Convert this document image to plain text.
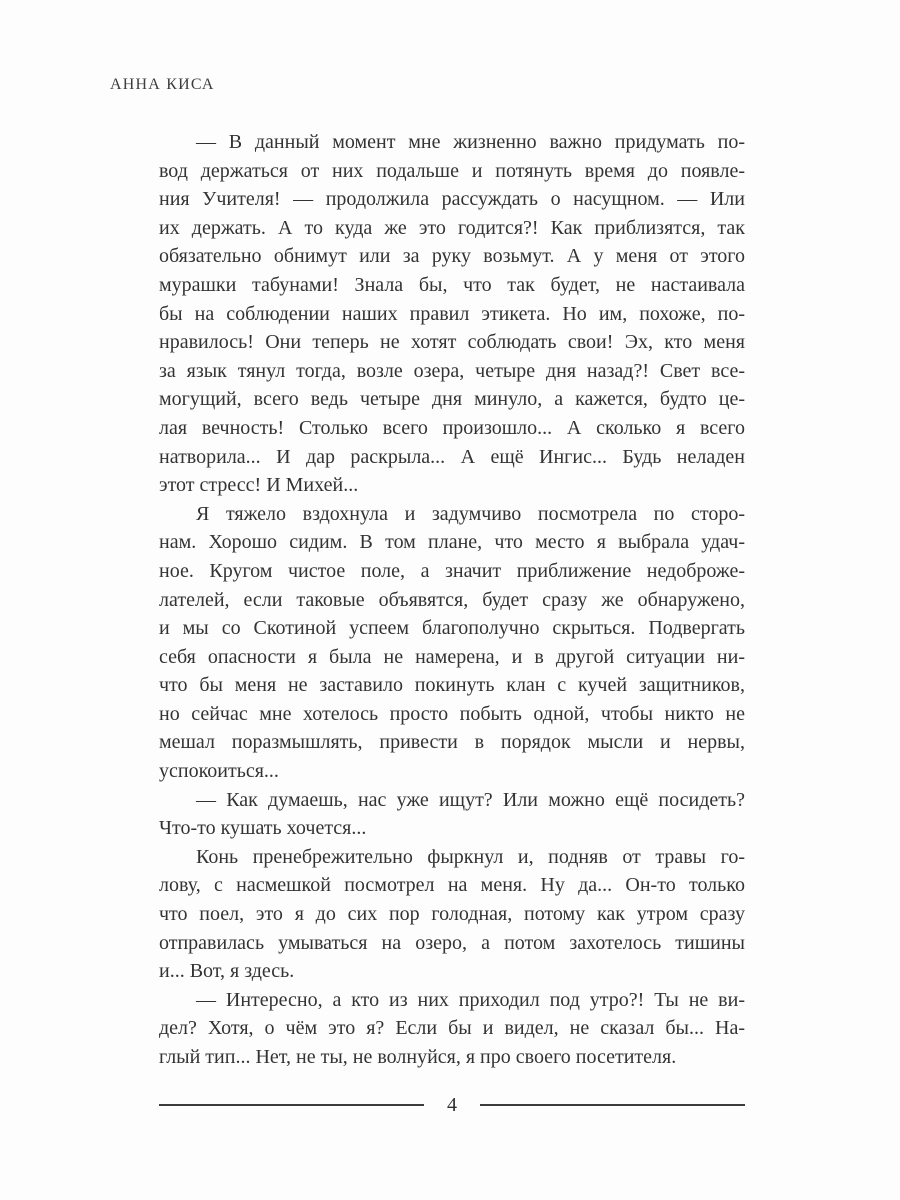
АННА КИСА
— В данный момент мне жизненно важно придумать по-
вод держаться от них подальше и потянуть время до появле-
ния Учителя! — продолжила рассуждать о насущном. — Или
их держать. А то куда же это годится?! Как приблизятся, так
обязательно обнимут или за руку возьмут. А у меня от этого
мурашки табунами! Знала бы, что так будет, не настаивала
бы на соблюдении наших правил этикета. Но им, похоже, по-
нравилось! Они теперь не хотят соблюдать свои! Эх, кто меня
за язык тянул тогда, возле озера, четыре дня назад?! Свет все-
могущий, всего ведь четыре дня минуло, а кажется, будто це-
лая вечность! Столько всего произошло... А сколько я всего
натворила... И дар раскрыла... А ещё Ингис... Будь неладен
этот стресс! И Михей...
Я тяжело вздохнула и задумчиво посмотрела по сторо-
нам. Хорошо сидим. В том плане, что место я выбрала удач-
ное. Кругом чистое поле, а значит приближение недоброже-
лателей, если таковые объявятся, будет сразу же обнаружено,
и мы со Скотиной успеем благополучно скрыться. Подвергать
себя опасности я была не намерена, и в другой ситуации ни-
что бы меня не заставило покинуть клан с кучей защитников,
но сейчас мне хотелось просто побыть одной, чтобы никто не
мешал поразмышлять, привести в порядок мысли и нервы,
успокоиться...
— Как думаешь, нас уже ищут? Или можно ещё посидеть?
Что-то кушать хочется...
Конь пренебрежительно фыркнул и, подняв от травы го-
лову, с насмешкой посмотрел на меня. Ну да... Он-то только
что поел, это я до сих пор голодная, потому как утром сразу
отправилась умываться на озеро, а потом захотелось тишины
и... Вот, я здесь.
— Интересно, а кто из них приходил под утро?! Ты не ви-
дел? Хотя, о чём это я? Если бы и видел, не сказал бы... На-
глый тип... Нет, не ты, не волнуйся, я про своего посетителя.
4
